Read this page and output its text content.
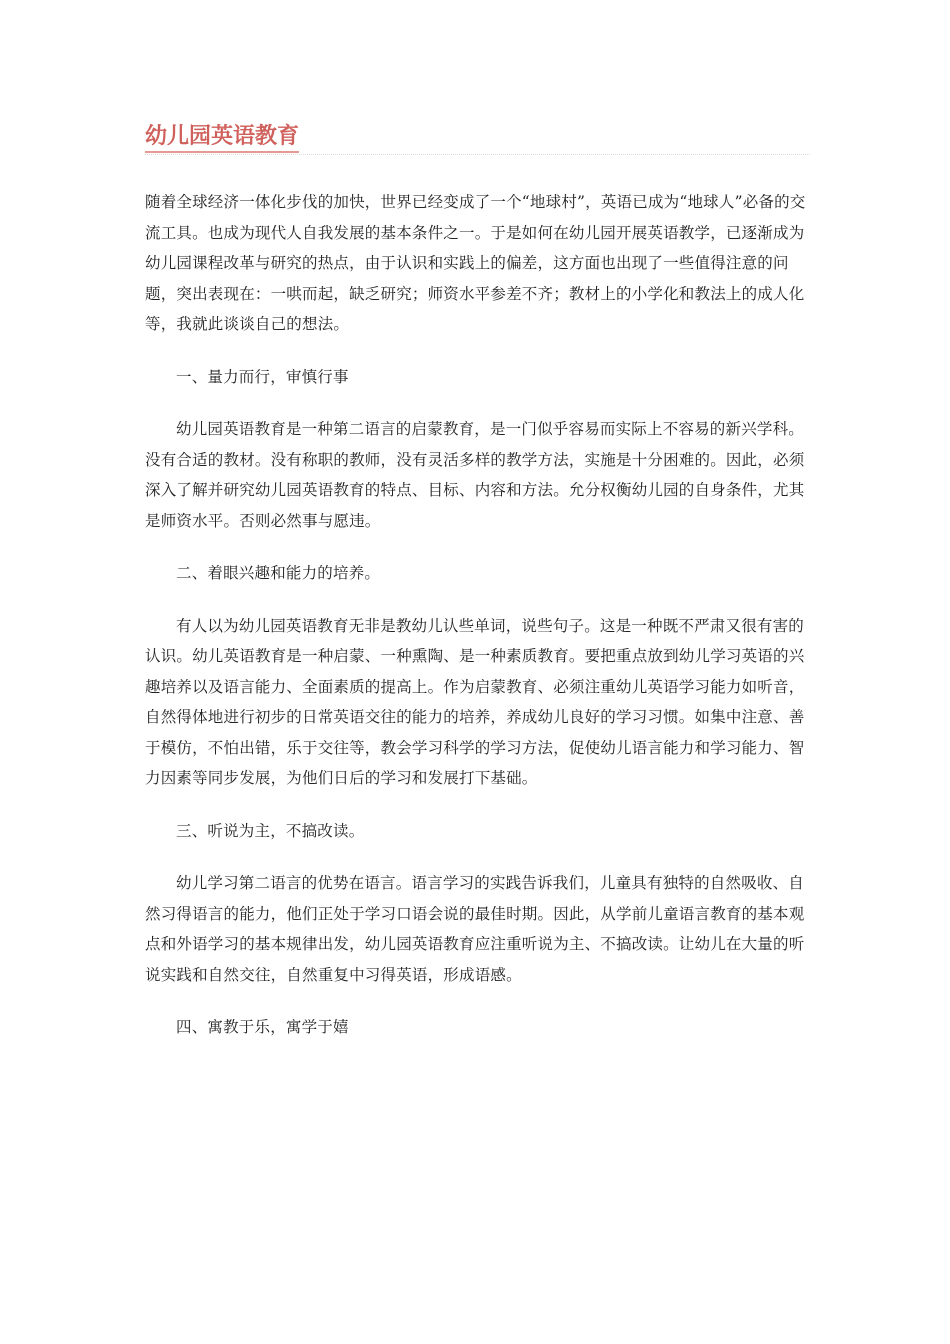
幼儿园英语教育

随着全球经济一体化步伐的加快，世界已经变成了一个“地球村”，英语已成为“地球人”必备的交流工具。也成为现代人自我发展的基本条件之一。于是如何在幼儿园开展英语教学，已逐渐成为幼儿园课程改革与研究的热点，由于认识和实践上的偏差，这方面也出现了一些值得注意的问题，突出表现在：一哄而起，缺乏研究；师资水平参差不齐；教材上的小学化和教法上的成人化等，我就此谈谈自己的想法。

一、量力而行，审慎行事

幼儿园英语教育是一种第二语言的启蒙教育，是一门似乎容易而实际上不容易的新兴学科。没有合适的教材。没有称职的教师，没有灵活多样的教学方法，实施是十分困难的。因此，必须深入了解并研究幼儿园英语教育的特点、目标、内容和方法。允分权衡幼儿园的自身条件，尤其是师资水平。否则必然事与愿违。

二、着眼兴趣和能力的培养。

有人以为幼儿园英语教育无非是教幼儿认些单词，说些句子。这是一种既不严肃又很有害的认识。幼儿英语教育是一种启蒙、一种熏陶、是一种素质教育。要把重点放到幼儿学习英语的兴趣培养以及语言能力、全面素质的提高上。作为启蒙教育、必须注重幼儿英语学习能力如听音，自然得体地进行初步的日常英语交往的能力的培养，养成幼儿良好的学习习惯。如集中注意、善于模仿，不怕出错，乐于交往等，教会学习科学的学习方法，促使幼儿语言能力和学习能力、智力因素等同步发展，为他们日后的学习和发展打下基础。

三、听说为主，不搞改读。

幼儿学习第二语言的优势在语言。语言学习的实践告诉我们，儿童具有独特的自然吸收、自然习得语言的能力，他们正处于学习口语会说的最佳时期。因此，从学前儿童语言教育的基本观点和外语学习的基本规律出发，幼儿园英语教育应注重听说为主、不搞改读。让幼儿在大量的听说实践和自然交往，自然重复中习得英语，形成语感。

四、寓教于乐，寓学于嬉
